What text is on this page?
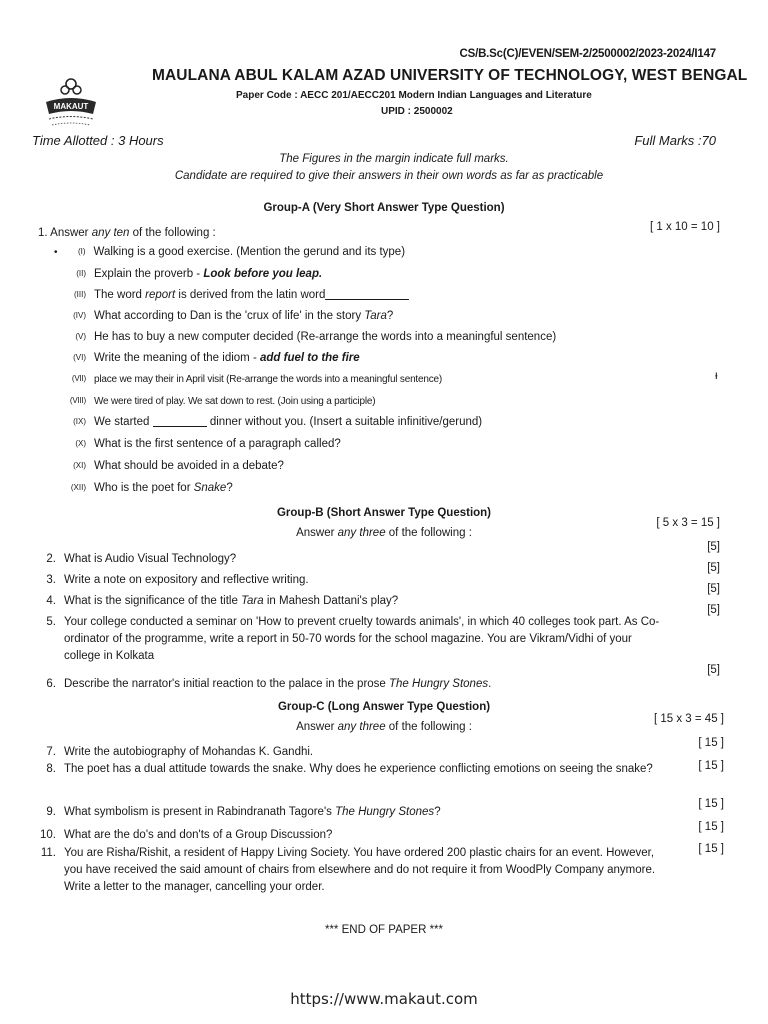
CS/B.Sc(C)/EVEN/SEM-2/2500002/2023-2024/I147
MAKAUT
MAULANA ABUL KALAM AZAD UNIVERSITY OF TECHNOLOGY, WEST BENGAL
Paper Code : AECC 201/AECC201 Modern Indian Languages and Literature
UPID : 2500002
Time Allotted : 3 Hours	Full Marks :70
The Figures in the margin indicate full marks.
Candidate are required to give their answers in their own words as far as practicable
Group-A (Very Short Answer Type Question)
1. Answer any ten of the following :	[ 1 x 10 = 10 ]
•	(I) Walking is a good exercise. (Mention the gerund and its type)
(II) Explain the proverb - Look before you leap.
(III) The word report is derived from the latin word
(IV) What according to Dan is the 'crux of life' in the story Tara?
(V) He has to buy a new computer decided (Re-arrange the words into a meaningful sentence)
(VI) Write the meaning of the idiom - add fuel to the fire
(VII) place we may their in April visit (Re-arrange the words into a meaningful sentence)
(VIII) We were tired of play. We sat down to rest. (Join using a participle)
(IX) We started	dinner without you. (Insert a suitable infinitive/gerund)
(X) What is the first sentence of a paragraph called?
(XI) What should be avoided in a debate?
(XII) Who is the poet for Snake?
ᵻ
Group-B (Short Answer Type Question)
Answer any three of the following :
[ 5 x 3 = 15 ]
[5]
2. What is Audio Visual Technology?
[5]
3. Write a note on expository and reflective writing.
[5]
4. What is the significance of the title Tara in Mahesh Dattani's play?
[5]
5. Your college conducted a seminar on 'How to prevent cruelty towards animals', in which 40 colleges took part. As Co-ordinator of the programme, write a report in 50-70 words for the school magazine. You are Vikram/Vidhi of your college in Kolkata
[5]
6. Describe the narrator's initial reaction to the palace in the prose The Hungry Stones.
Group-C (Long Answer Type Question)
Answer any three of the following :
[ 15 x 3 = 45 ]
[ 15 ]
7. Write the autobiography of Mohandas K. Gandhi.
[ 15 ]
8. The poet has a dual attitude towards the snake. Why does he experience conflicting emotions on seeing the snake?
[ 15 ]
9. What symbolism is present in Rabindranath Tagore's The Hungry Stones?
[ 15 ]
10. What are the do's and don'ts of a Group Discussion?
[ 15 ]
11. You are Risha/Rishit, a resident of Happy Living Society. You have ordered 200 plastic chairs for an event. However, you have received the said amount of chairs from elsewhere and do not require it from WoodPly Company anymore. Write a letter to the manager, cancelling your order.
*** END OF PAPER ***
https://www.makaut.com
